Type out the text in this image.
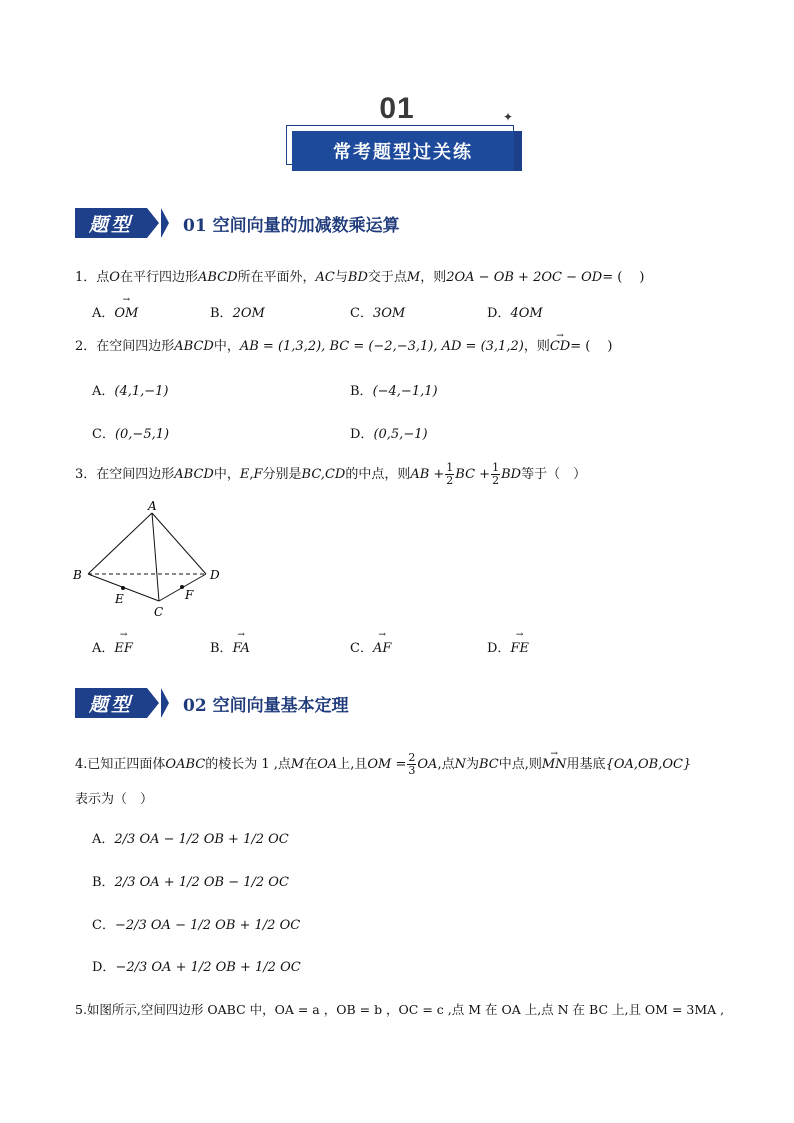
✦
01
常考题型过关练
题型	01 空间向量的加减数乘运算
1．点O在平行四边形ABCD所在平面外，AC与BD交于点M，则2OA − OB + 2OC − OD= (　 )
A．→ OM	B．2OM	C．3OM	D．4OM
2．在空间四边形ABCD中，AB = (1,3,2), BC = (−2,−3,1), AD = (3,1,2)，则→ CD= (　 )
A．(4,1,−1)	B．(−4,−1,1)
C．(0,−5,1)	D．(0,5,−1)
3．在空间四边形ABCD中，E,F分别是BC,CD的中点，则AB + $\frac{1}{2}$ BC + $\frac{1}{2}$ BD等于（　）
A
B	D
C
E	F
A．→ EF	B．→ FA	C．→ AF	D．→ FE
题型	02 空间向量基本定理
4.已知正四面体OABC的棱长为 1 ,点M在OA上,且OM = $\frac{2}{3}$ OA,点N为BC中点,则→ MN用基底{OA,OB,OC}
表示为（　）
A．2/3 OA − 1/2 OB + 1/2 OC
B．2/3 OA + 1/2 OB − 1/2 OC
C．−2/3 OA − 1/2 OB + 1/2 OC
D．−2/3 OA + 1/2 OB + 1/2 OC
5.如图所示,空间四边形 OABC 中，OA = a ，OB = b ，OC = c ,点 M 在 OA 上,点 N 在 BC 上,且 OM = 3MA ,
